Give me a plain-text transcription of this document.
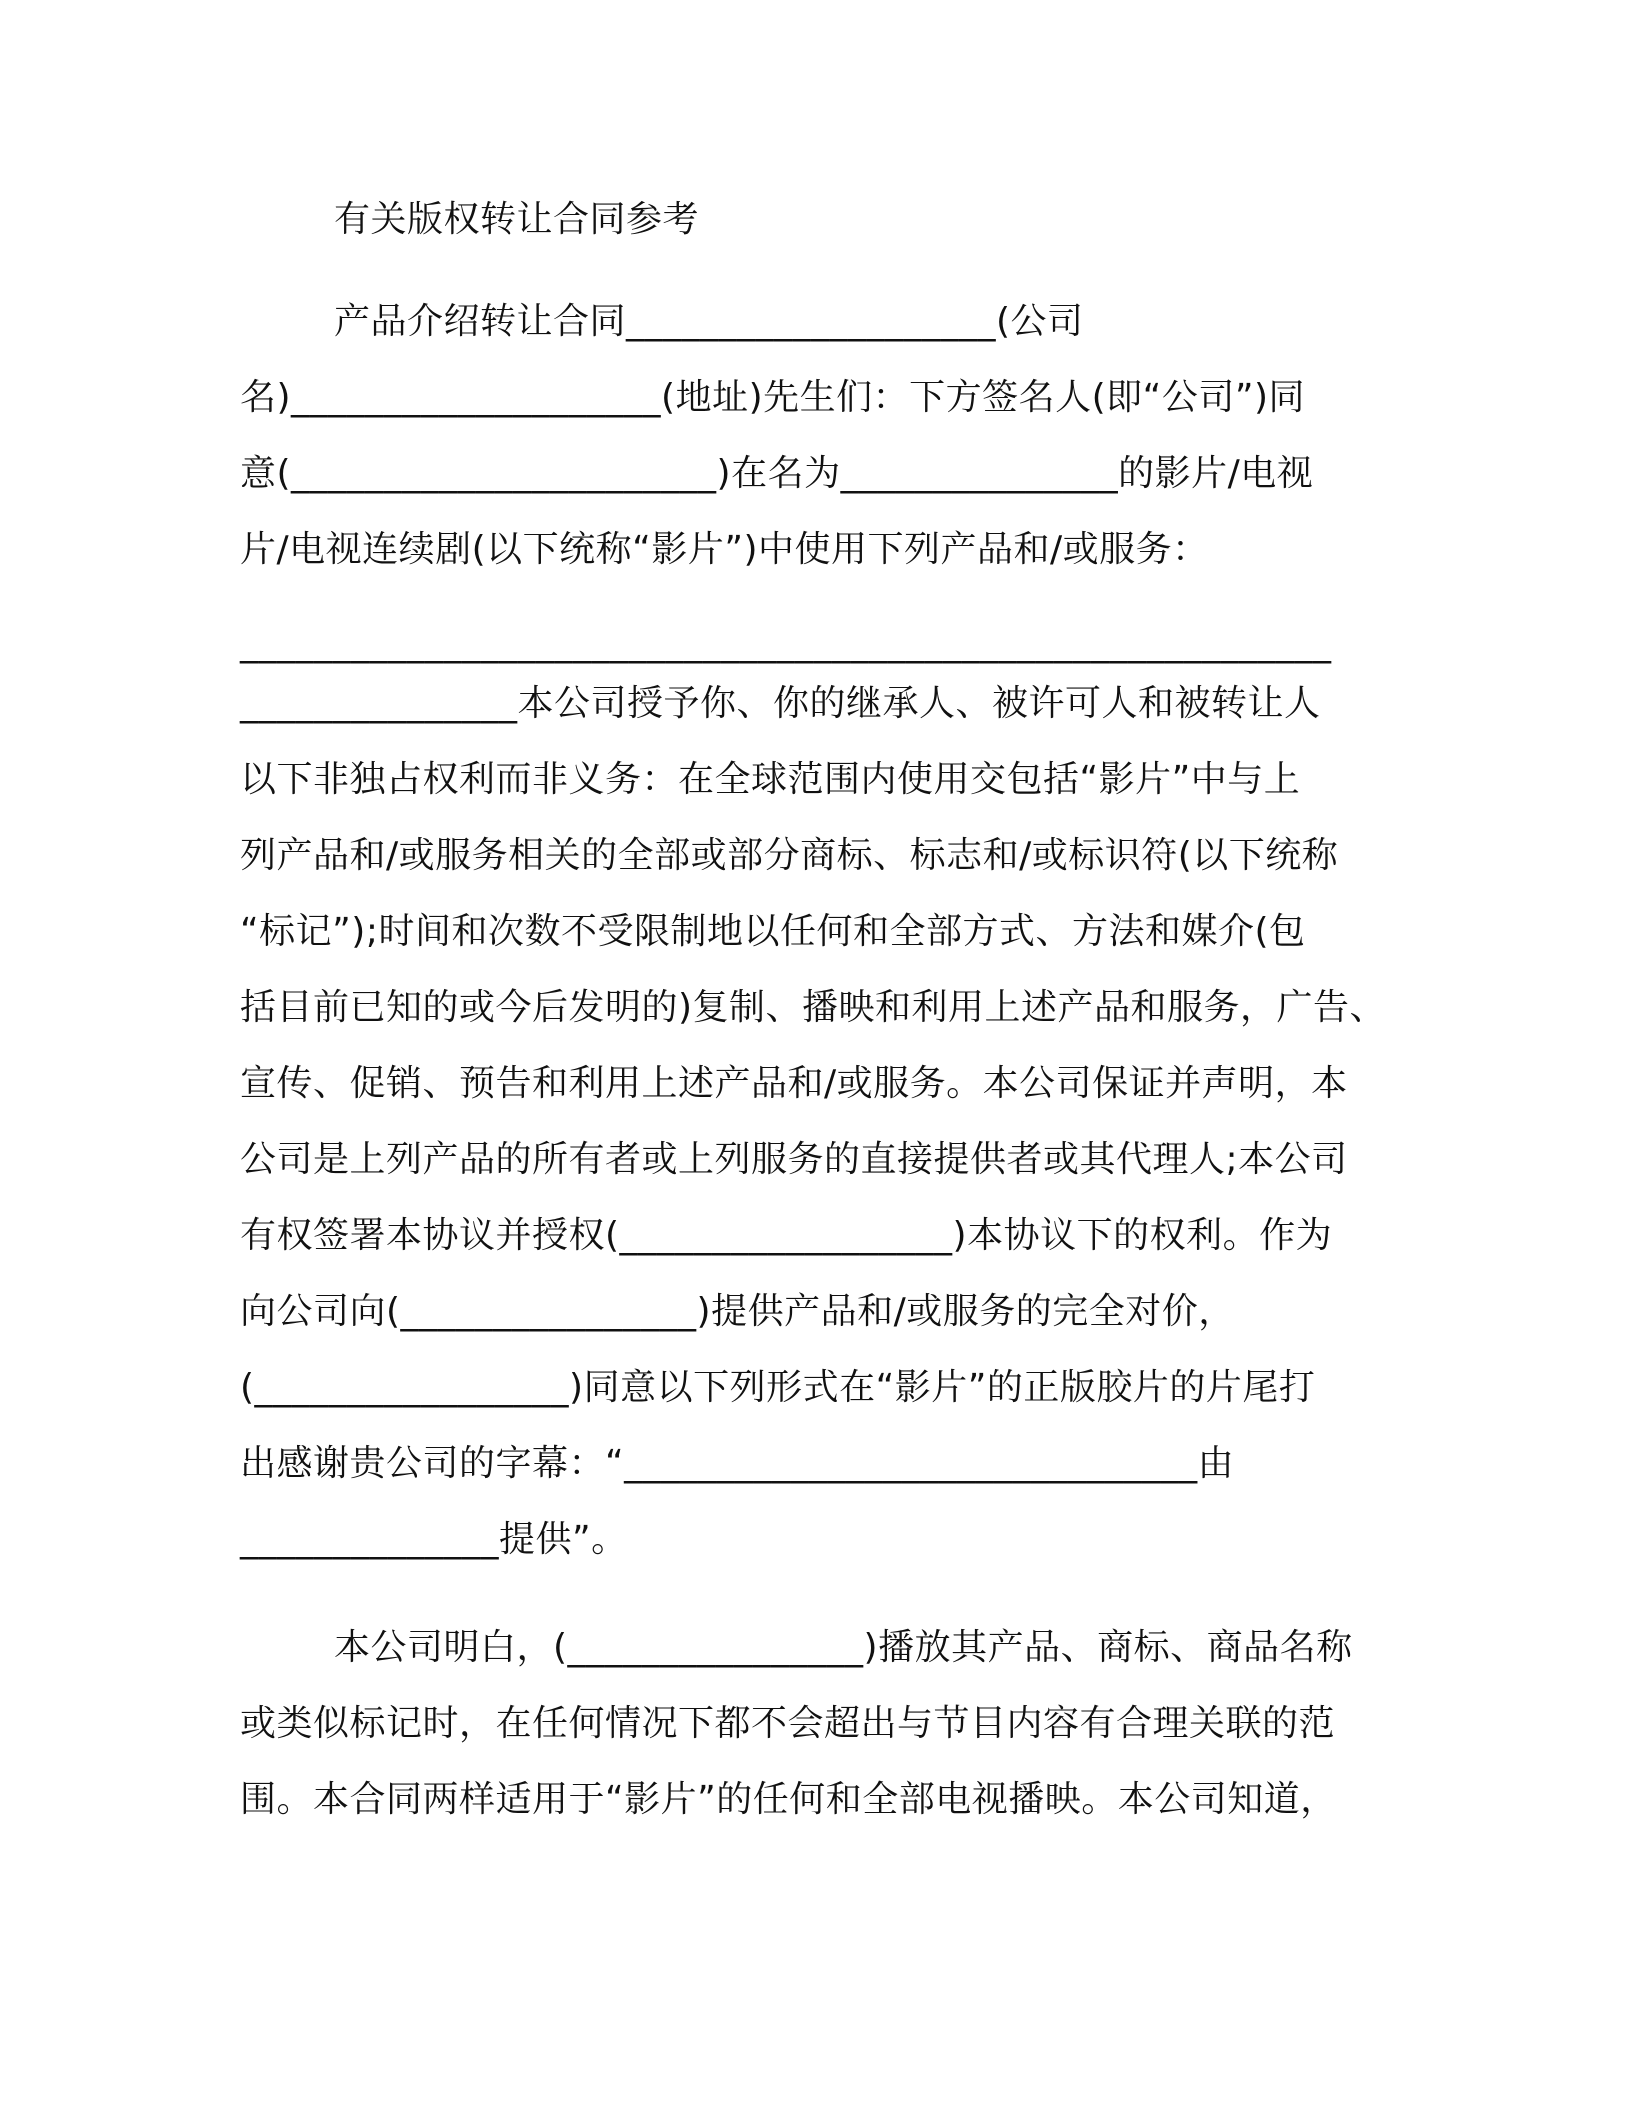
有关版权转让合同参考
产品介绍转让合同____________________(公司
名)____________________(地址)先生们：下方签名人(即“公司”)同
意(_______________________)在名为_______________的影片/电视
片/电视连续剧(以下统称“影片”)中使用下列产品和/或服务：
___________________________________________________________
_______________本公司授予你、你的继承人、被许可人和被转让人
以下非独占权利而非义务：在全球范围内使用交包括“影片”中与上
列产品和/或服务相关的全部或部分商标、标志和/或标识符(以下统称
“标记”);时间和次数不受限制地以任何和全部方式、方法和媒介(包
括目前已知的或今后发明的)复制、播映和利用上述产品和服务，广告、
宣传、促销、预告和利用上述产品和/或服务。本公司保证并声明，本
公司是上列产品的所有者或上列服务的直接提供者或其代理人;本公司
有权签署本协议并授权(__________________)本协议下的权利。作为
向公司向(________________)提供产品和/或服务的完全对价，
(_________________)同意以下列形式在“影片”的正版胶片的片尾打
出感谢贵公司的字幕：“_______________________________由
______________提供”。
本公司明白，(________________)播放其产品、商标、商品名称
或类似标记时，在任何情况下都不会超出与节目内容有合理关联的范
围。本合同两样适用于“影片”的任何和全部电视播映。本公司知道，
